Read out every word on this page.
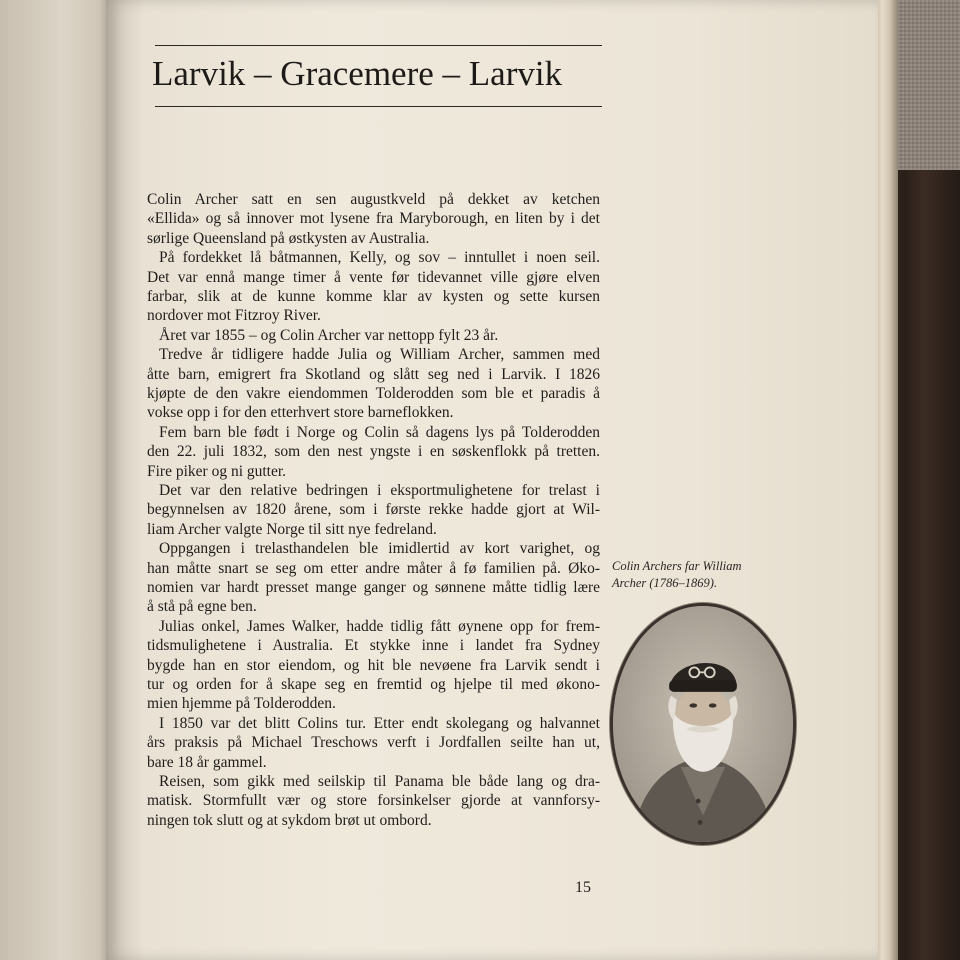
Larvik – Gracemere – Larvik
Colin Archer satt en sen augustkveld på dekket av ketchen
«Ellida» og så innover mot lysene fra Maryborough, en liten by i det
sørlige Queensland på østkysten av Australia.
På fordekket lå båtmannen, Kelly, og sov – inntullet i noen seil.
Det var ennå mange timer å vente før tidevannet ville gjøre elven
farbar, slik at de kunne komme klar av kysten og sette kursen
nordover mot Fitzroy River.
Året var 1855 – og Colin Archer var nettopp fylt 23 år.
Tredve år tidligere hadde Julia og William Archer, sammen med
åtte barn, emigrert fra Skotland og slått seg ned i Larvik. I 1826
kjøpte de den vakre eiendommen Tolderodden som ble et paradis å
vokse opp i for den etterhvert store barneflokken.
Fem barn ble født i Norge og Colin så dagens lys på Tolderodden
den 22. juli 1832, som den nest yngste i en søskenflokk på tretten.
Fire piker og ni gutter.
Det var den relative bedringen i eksportmulighetene for trelast i
begynnelsen av 1820 årene, som i første rekke hadde gjort at Wil-
liam Archer valgte Norge til sitt nye fedreland.
Oppgangen i trelasthandelen ble imidlertid av kort varighet, og
han måtte snart se seg om etter andre måter å fø familien på. Øko-
nomien var hardt presset mange ganger og sønnene måtte tidlig lære
å stå på egne ben.
Julias onkel, James Walker, hadde tidlig fått øynene opp for frem-
tidsmulighetene i Australia. Et stykke inne i landet fra Sydney
bygde han en stor eiendom, og hit ble nevøene fra Larvik sendt i
tur og orden for å skape seg en fremtid og hjelpe til med økono-
mien hjemme på Tolderodden.
I 1850 var det blitt Colins tur. Etter endt skolegang og halvannet
års praksis på Michael Treschows verft i Jordfallen seilte han ut,
bare 18 år gammel.
Reisen, som gikk med seilskip til Panama ble både lang og dra-
matisk. Stormfullt vær og store forsinkelser gjorde at vannforsy-
ningen tok slutt og at sykdom brøt ut ombord.
Colin Archers far William
Archer (1786–1869).
15
